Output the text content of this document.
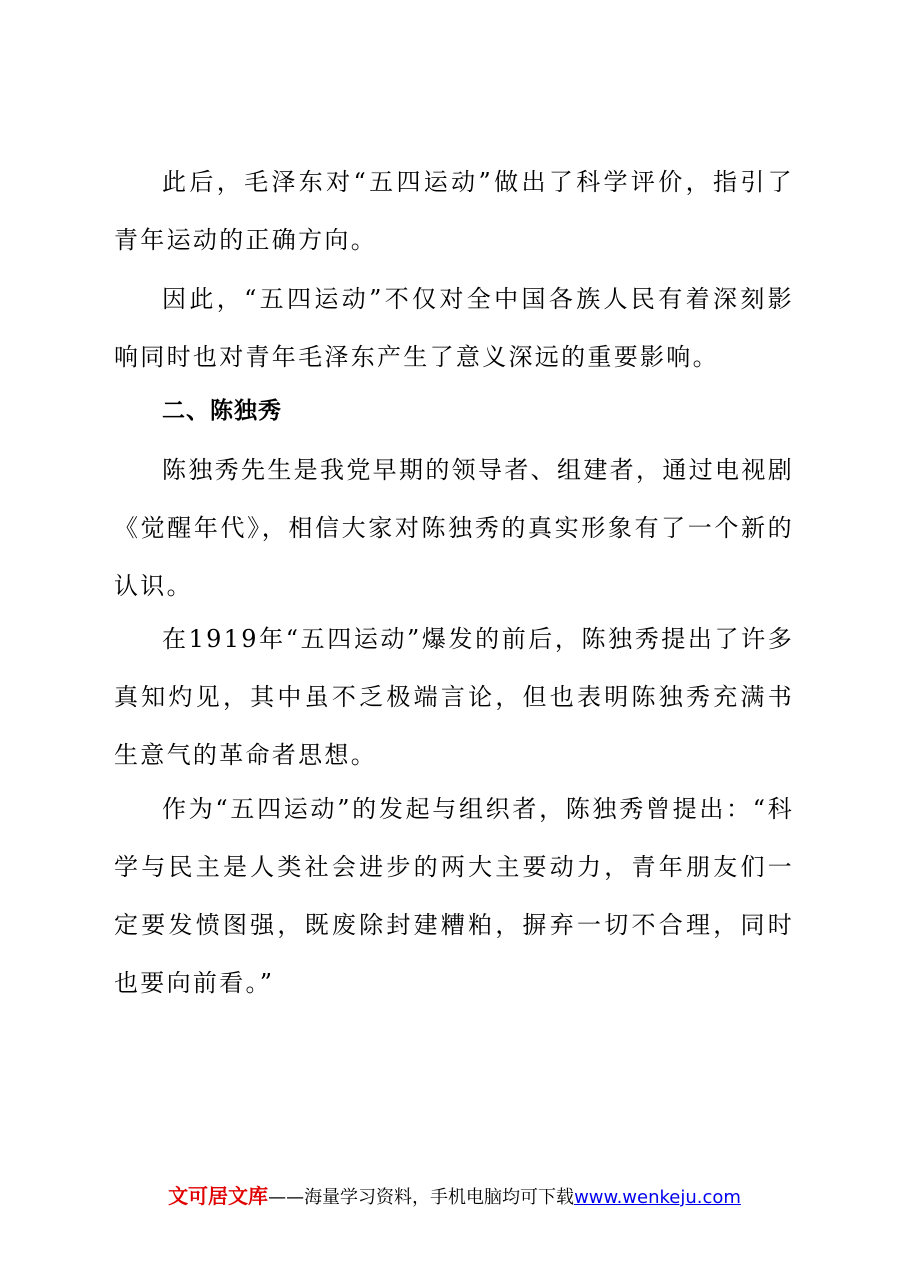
此后，毛泽东对“五四运动”做出了科学评价，指引了青年运动的正确方向。

因此，“五四运动”不仅对全中国各族人民有着深刻影响同时也对青年毛泽东产生了意义深远的重要影响。

二、陈独秀

陈独秀先生是我党早期的领导者、组建者，通过电视剧《觉醒年代》，相信大家对陈独秀的真实形象有了一个新的认识。

在1919年“五四运动”爆发的前后，陈独秀提出了许多真知灼见，其中虽不乏极端言论，但也表明陈独秀充满书生意气的革命者思想。

作为“五四运动”的发起与组织者，陈独秀曾提出：“科学与民主是人类社会进步的两大主要动力，青年朋友们一定要发愤图强，既废除封建糟粕，摒弃一切不合理，同时也要向前看。”

文可居文库——海量学习资料，手机电脑均可下载www.wenkeju.com
